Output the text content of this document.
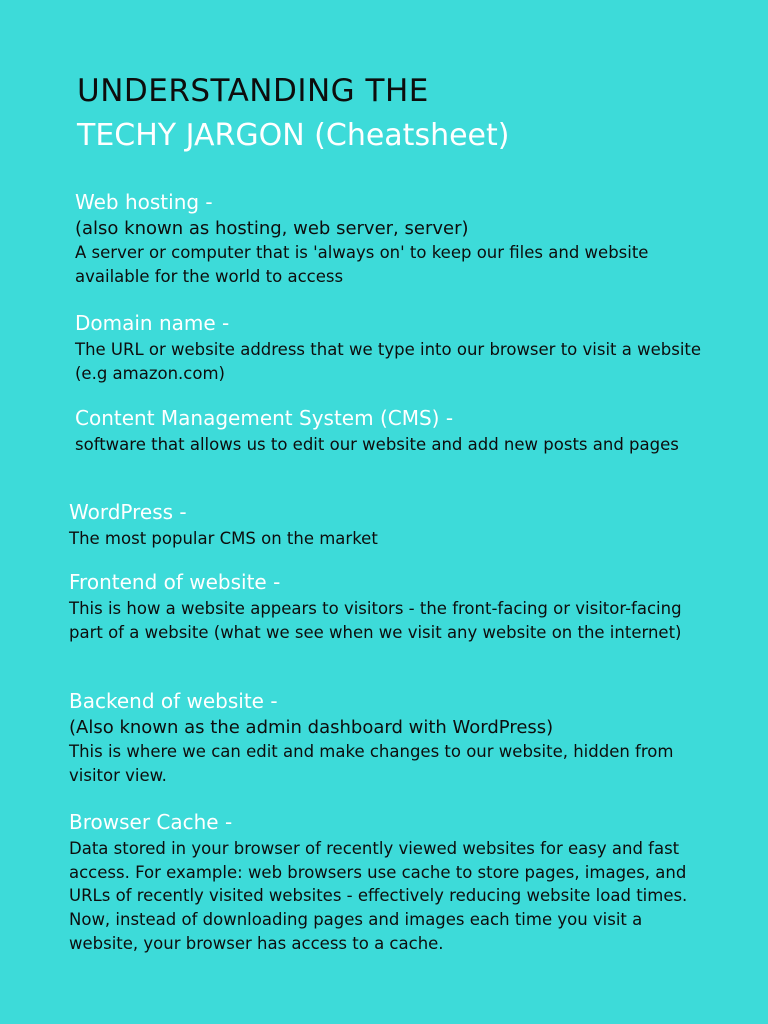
UNDERSTANDING THE
TECHY JARGON (Cheatsheet)
Web hosting -
(also known as hosting, web server, server)
A server or computer that is 'always on' to keep our files and website available for the world to access
Domain name -
The URL or website address that we type into our browser to visit a website (e.g amazon.com)
Content Management System (CMS) -
software that allows us to edit our website and add new posts and pages
WordPress -
The most popular CMS on the market
Frontend of website -
This is how a website appears to visitors - the front-facing or visitor-facing part of a website (what we see when we visit any website on the internet)
Backend of website -
(Also known as the admin dashboard with WordPress)
This is where we can edit and make changes to our website, hidden from visitor view.
Browser Cache -
Data stored in your browser of recently viewed websites for easy and fast access. For example: web browsers use cache to store pages, images, and URLs of recently visited websites - effectively reducing website load times. Now, instead of downloading pages and images each time you visit a website, your browser has access to a cache.
